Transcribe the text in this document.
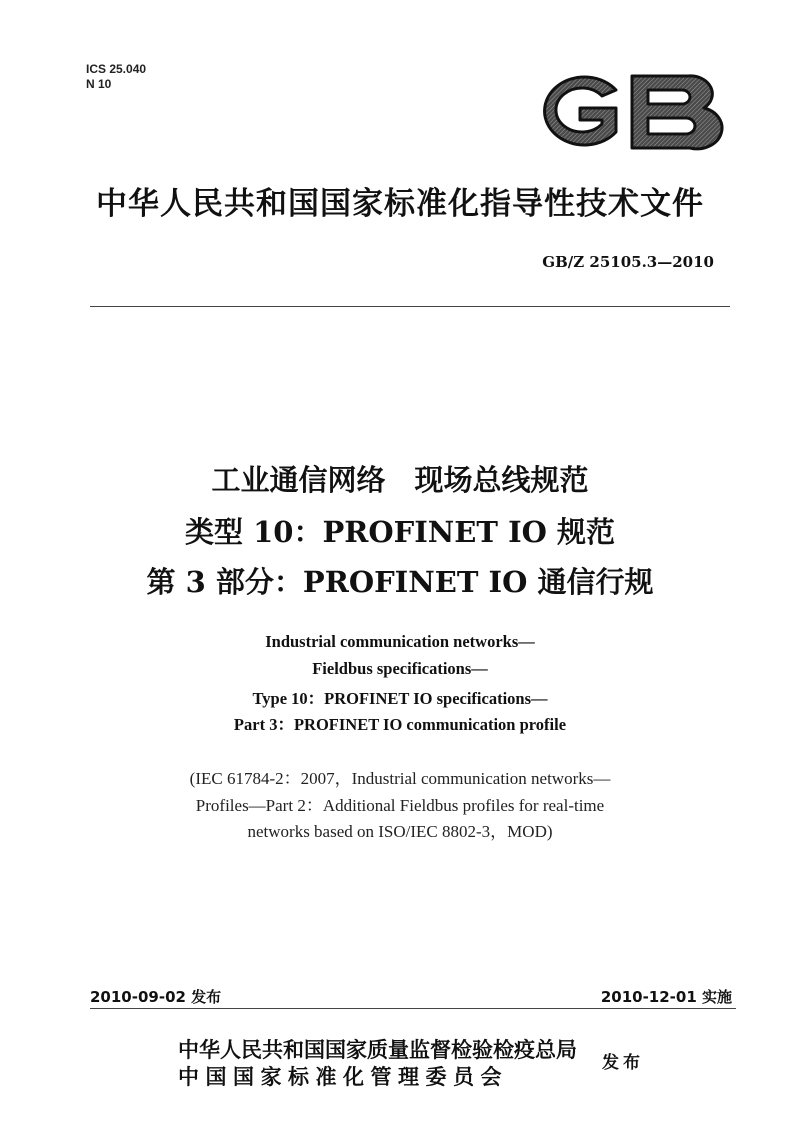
ICS 25.040
N 10
中华人民共和国国家标准化指导性技术文件
GB/Z 25105.3—2010
工业通信网络　现场总线规范
类型 10：PROFINET IO 规范
第 3 部分：PROFINET IO 通信行规
Industrial communication networks—
Fieldbus specifications—
Type 10：PROFINET IO specifications—
Part 3：PROFINET IO communication profile
(IEC 61784-2：2007，Industrial communication networks—
Profiles—Part 2：Additional Fieldbus profiles for real-time
networks based on ISO/IEC 8802-3，MOD)
2010-09-02 发布	2010-12-01 实施
中华人民共和国国家质量监督检验检疫总局
中国国家标准化管理委员会
发布
